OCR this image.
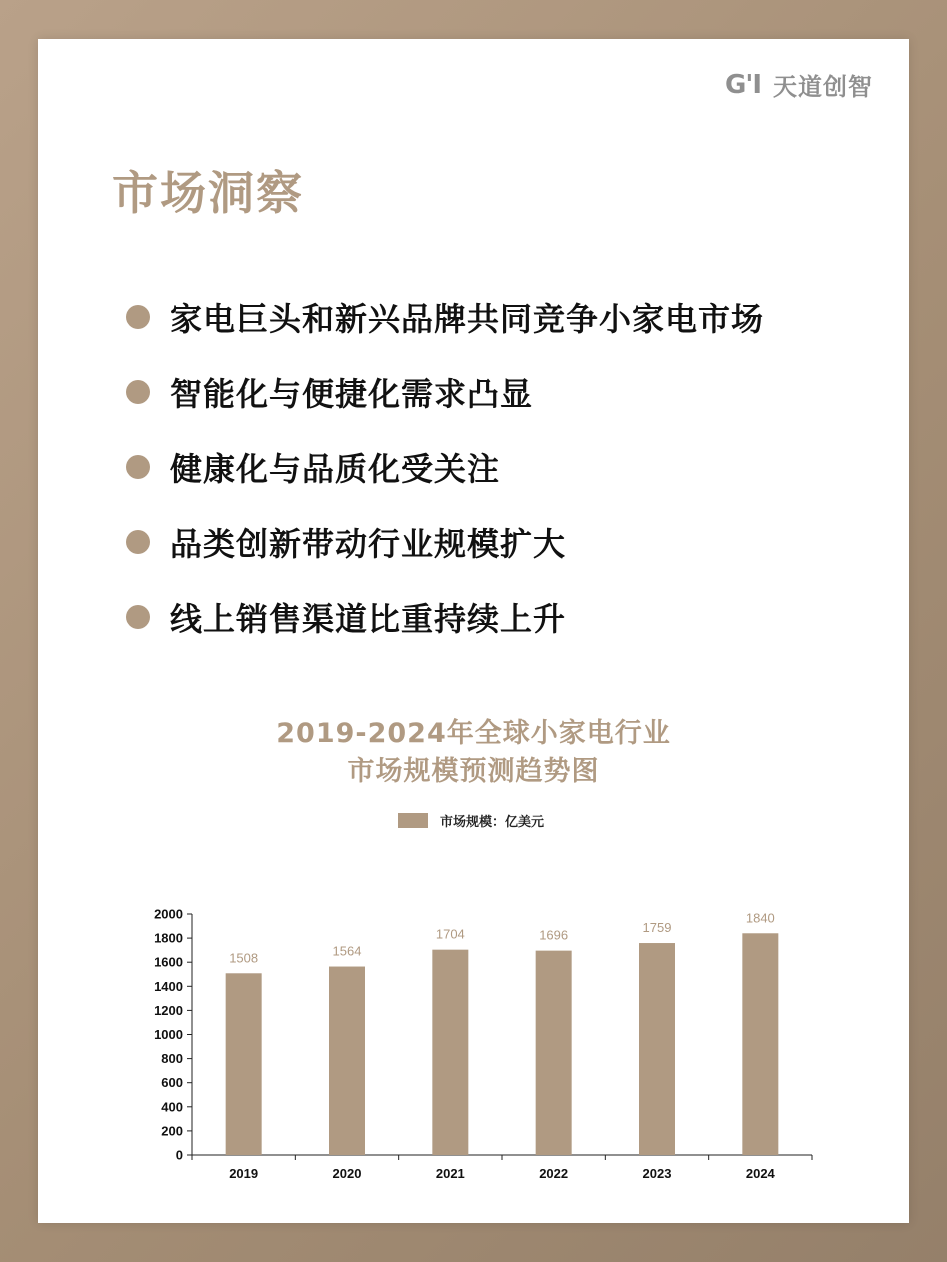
G'I 天道创智
市场洞察
家电巨头和新兴品牌共同竞争小家电市场
智能化与便捷化需求凸显
健康化与品质化受关注
品类创新带动行业规模扩大
线上销售渠道比重持续上升
2019-2024年全球小家电行业
市场规模预测趋势图
市场规模：亿美元
0
200
400
600
800
1000
1200
1400
1600
1800
2000
1508
2019
1564
2020
1704
2021
1696
2022
1759
2023
1840
2024
